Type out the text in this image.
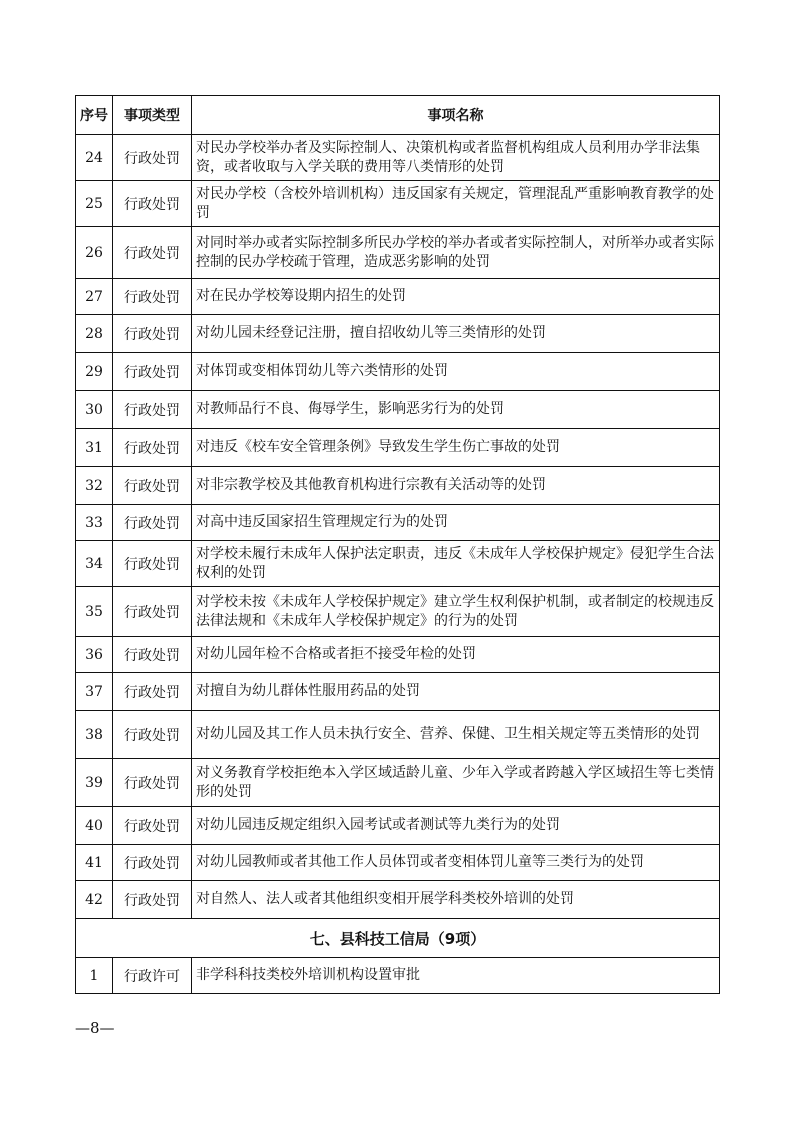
序号	事项类型	事项名称
24	行政处罚	对民办学校举办者及实际控制人、决策机构或者监督机构组成人员利用办学非法集资，或者收取与入学关联的费用等八类情形的处罚
25	行政处罚	对民办学校（含校外培训机构）违反国家有关规定，管理混乱严重影响教育教学的处罚
26	行政处罚	对同时举办或者实际控制多所民办学校的举办者或者实际控制人，对所举办或者实际控制的民办学校疏于管理，造成恶劣影响的处罚
27	行政处罚	对在民办学校筹设期内招生的处罚
28	行政处罚	对幼儿园未经登记注册，擅自招收幼儿等三类情形的处罚
29	行政处罚	对体罚或变相体罚幼儿等六类情形的处罚
30	行政处罚	对教师品行不良、侮辱学生，影响恶劣行为的处罚
31	行政处罚	对违反《校车安全管理条例》导致发生学生伤亡事故的处罚
32	行政处罚	对非宗教学校及其他教育机构进行宗教有关活动等的处罚
33	行政处罚	对高中违反国家招生管理规定行为的处罚
34	行政处罚	对学校未履行未成年人保护法定职责，违反《未成年人学校保护规定》侵犯学生合法权利的处罚
35	行政处罚	对学校未按《未成年人学校保护规定》建立学生权利保护机制，或者制定的校规违反法律法规和《未成年人学校保护规定》的行为的处罚
36	行政处罚	对幼儿园年检不合格或者拒不接受年检的处罚
37	行政处罚	对擅自为幼儿群体性服用药品的处罚
38	行政处罚	对幼儿园及其工作人员未执行安全、营养、保健、卫生相关规定等五类情形的处罚
39	行政处罚	对义务教育学校拒绝本入学区域适龄儿童、少年入学或者跨越入学区域招生等七类情形的处罚
40	行政处罚	对幼儿园违反规定组织入园考试或者测试等九类行为的处罚
41	行政处罚	对幼儿园教师或者其他工作人员体罚或者变相体罚儿童等三类行为的处罚
42	行政处罚	对自然人、法人或者其他组织变相开展学科类校外培训的处罚
七、县科技工信局（9项）		
1	行政许可	非学科科技类校外培训机构设置审批
—8—
